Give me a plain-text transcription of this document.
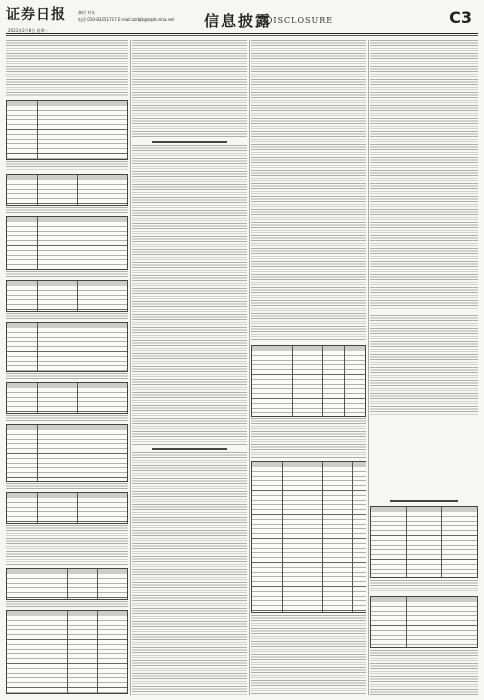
证券日报
2023年2月8日 星期一
备付 对头
电话 010-83251717 E-mail:zzrbjb@zqrb.sina.net 信息披露
DISCLOSURE	C3
